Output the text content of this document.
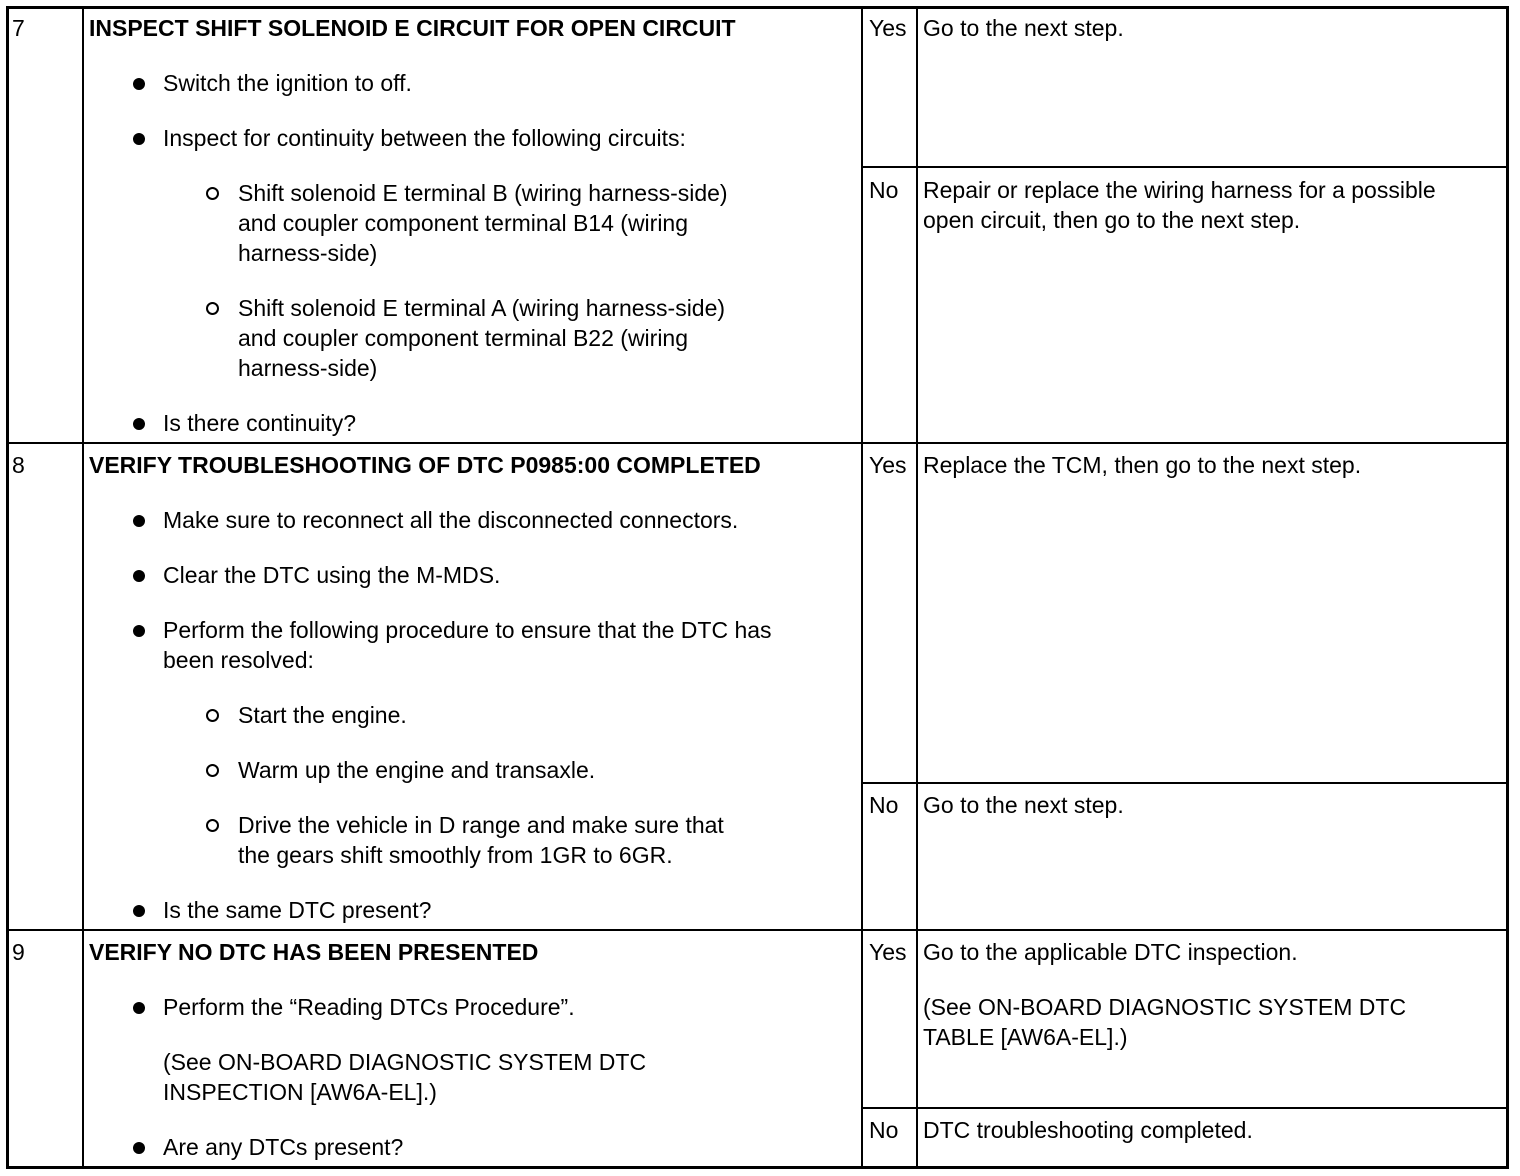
7	INSPECT SHIFT SOLENOID E CIRCUIT FOR OPEN CIRCUIT
Switch the ignition to off.
Inspect for continuity between the following circuits:
Shift solenoid E terminal B (wiring harness-side)
and coupler component terminal B14 (wiring
harness-side)
Shift solenoid E terminal A (wiring harness-side)
and coupler component terminal B22 (wiring
harness-side)
Is there continuity?
Yes Go to the next step.
No Repair or replace the wiring harness for a possible
open circuit, then go to the next step.
8	VERIFY TROUBLESHOOTING OF DTC P0985:00 COMPLETED
Make sure to reconnect all the disconnected connectors.
Clear the DTC using the M-MDS.
Perform the following procedure to ensure that the DTC has
been resolved:
Start the engine.
Warm up the engine and transaxle.
Drive the vehicle in D range and make sure that
the gears shift smoothly from 1GR to 6GR.
Is the same DTC present?
Yes Replace the TCM, then go to the next step.
No Go to the next step.
9	VERIFY NO DTC HAS BEEN PRESENTED
Perform the “Reading DTCs Procedure”.
(See ON-BOARD DIAGNOSTIC SYSTEM DTC
INSPECTION [AW6A-EL].)
Are any DTCs present?
Yes Go to the applicable DTC inspection.
(See ON-BOARD DIAGNOSTIC SYSTEM DTC
TABLE [AW6A-EL].)
No DTC troubleshooting completed.
